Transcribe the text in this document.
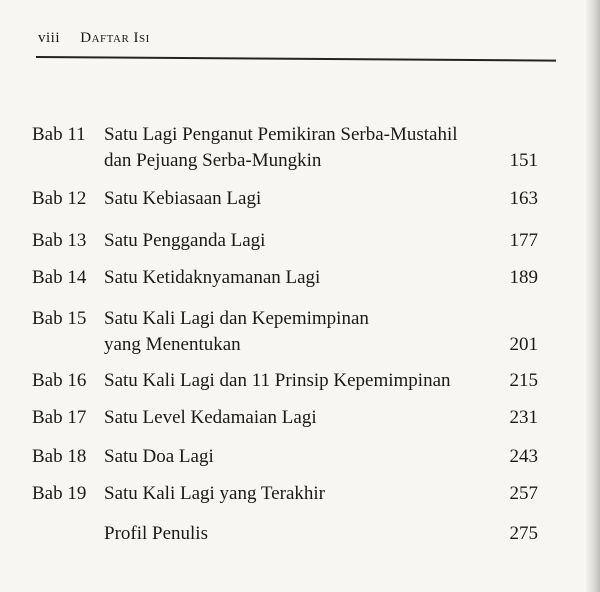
viii Daftar Isi
Bab 11 Satu Lagi Penganut Pemikiran Serba-Mustahil
dan Pejuang Serba-Mungkin	151
Bab 12 Satu Kebiasaan Lagi	163
Bab 13 Satu Pengganda Lagi	177
Bab 14 Satu Ketidaknyamanan Lagi	189
Bab 15 Satu Kali Lagi dan Kepemimpinan
yang Menentukan	201
Bab 16 Satu Kali Lagi dan 11 Prinsip Kepemimpinan	215
Bab 17 Satu Level Kedamaian Lagi	231
Bab 18 Satu Doa Lagi	243
Bab 19 Satu Kali Lagi yang Terakhir	257
Profil Penulis	275
